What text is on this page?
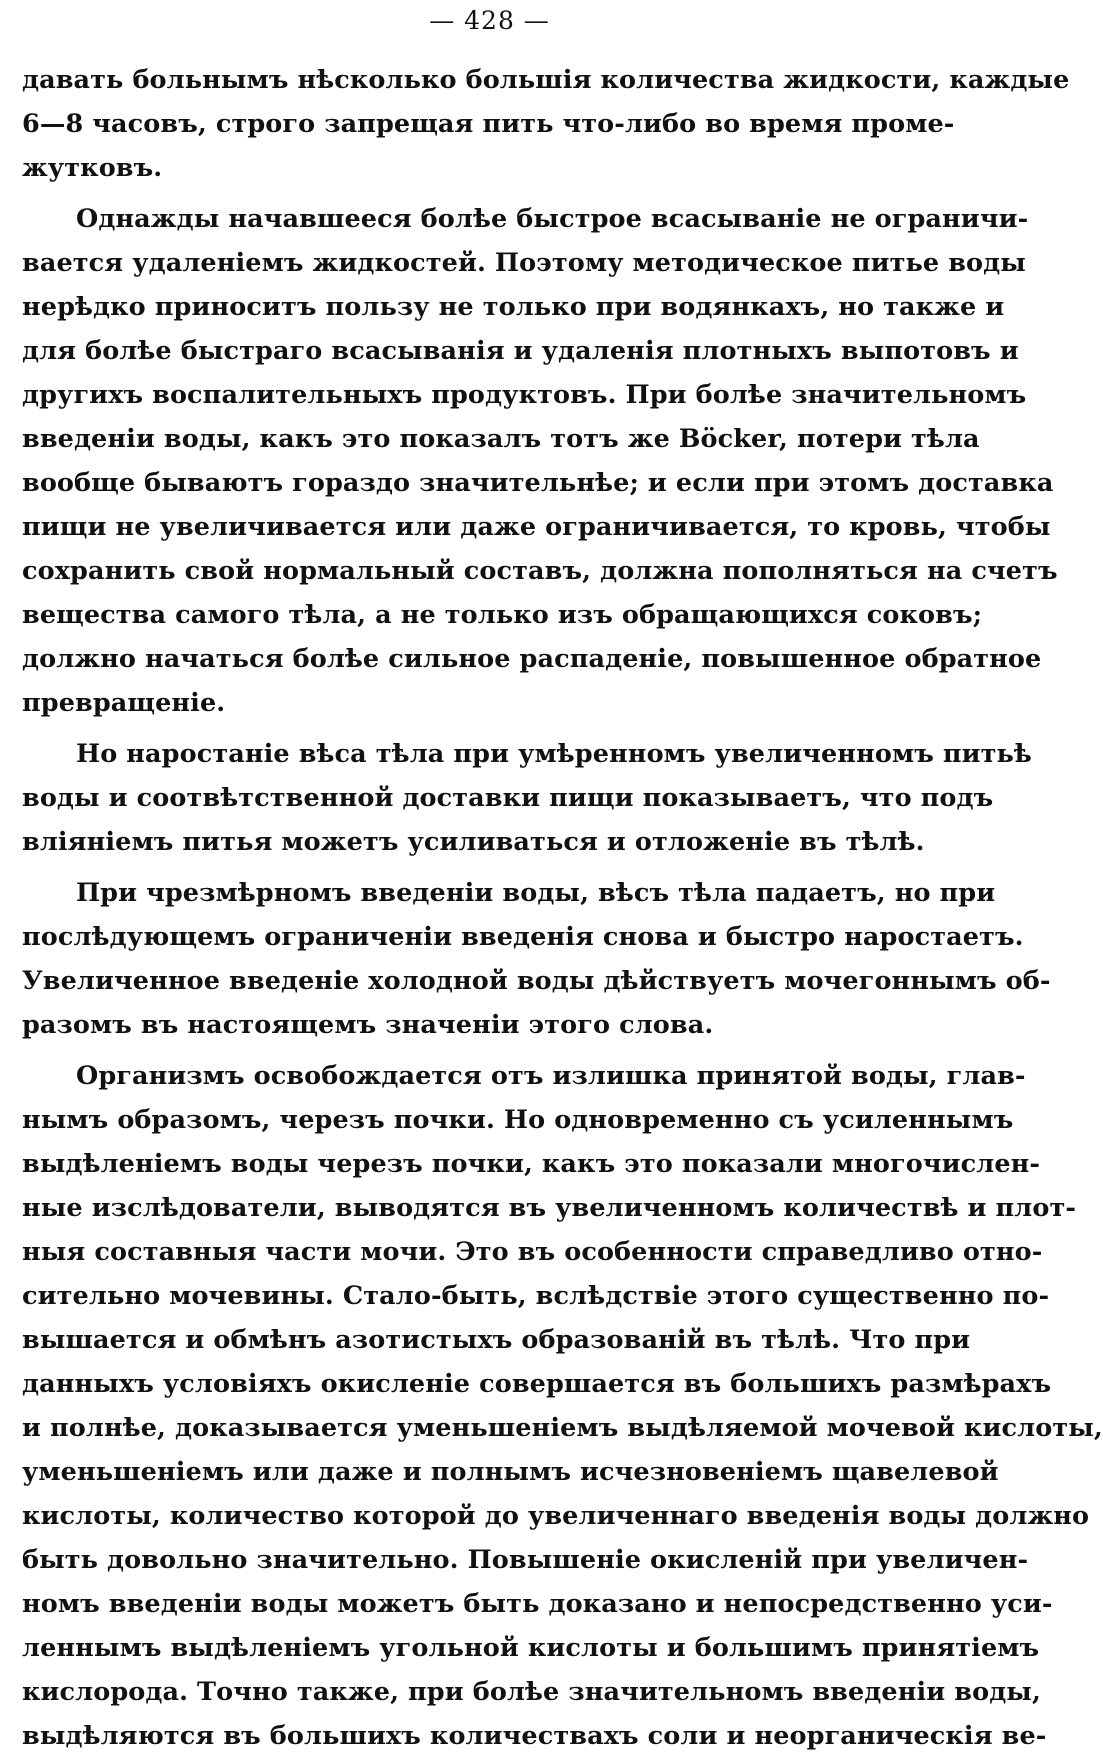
— 428 —
давать больнымъ нѣсколько большія количества жидкости, каждые
6—8 часовъ, строго запрещая пить что-либо во время проме-
жутковъ.
Однажды начавшееся болѣе быстрое всасываніе не ограничи-
вается удаленіемъ жидкостей. Поэтому методическое питье воды
нерѣдко приноситъ пользу не только при водянкахъ, но также и
для болѣе быстраго всасыванія и удаленія плотныхъ выпотовъ и
другихъ воспалительныхъ продуктовъ. При болѣе значительномъ
введеніи воды, какъ это показалъ тотъ же Böcker, потери тѣла
вообще бываютъ гораздо значительнѣе; и если при этомъ доставка
пищи не увеличивается или даже ограничивается, то кровь, чтобы
сохранить свой нормальный составъ, должна пополняться на счетъ
вещества самого тѣла, а не только изъ обращающихся соковъ;
должно начаться болѣе сильное распаденіе, повышенное обратное
превращеніе.
Но наростаніе вѣса тѣла при умѣренномъ увеличенномъ питьѣ
воды и соотвѣтственной доставки пищи показываетъ, что подъ
вліяніемъ питья можетъ усиливаться и отложеніе въ тѣлѣ.
При чрезмѣрномъ введеніи воды, вѣсъ тѣла падаетъ, но при
послѣдующемъ ограниченіи введенія снова и быстро наростаетъ.
Увеличенное введеніе холодной воды дѣйствуетъ мочегоннымъ об-
разомъ въ настоящемъ значеніи этого слова.
Организмъ освобождается отъ излишка принятой воды, глав-
нымъ образомъ, черезъ почки. Но одновременно съ усиленнымъ
выдѣленіемъ воды черезъ почки, какъ это показали многочислен-
ные изслѣдователи, выводятся въ увеличенномъ количествѣ и плот-
ныя составныя части мочи. Это въ особенности справедливо отно-
сительно мочевины. Стало-быть, вслѣдствіе этого существенно по-
вышается и обмѣнъ азотистыхъ образованій въ тѣлѣ. Что при
данныхъ условіяхъ окисленіе совершается въ большихъ размѣрахъ
и полнѣе, доказывается уменьшеніемъ выдѣляемой мочевой кислоты,
уменьшеніемъ или даже и полнымъ исчезновеніемъ щавелевой
кислоты, количество которой до увеличеннаго введенія воды должно
быть довольно значительно. Повышеніе окисленій при увеличен-
номъ введеніи воды можетъ быть доказано и непосредственно уси-
леннымъ выдѣленіемъ угольной кислоты и большимъ принятіемъ
кислорода. Точно также, при болѣе значительномъ введеніи воды,
выдѣляются въ большихъ количествахъ соли и неорганическія ве-
